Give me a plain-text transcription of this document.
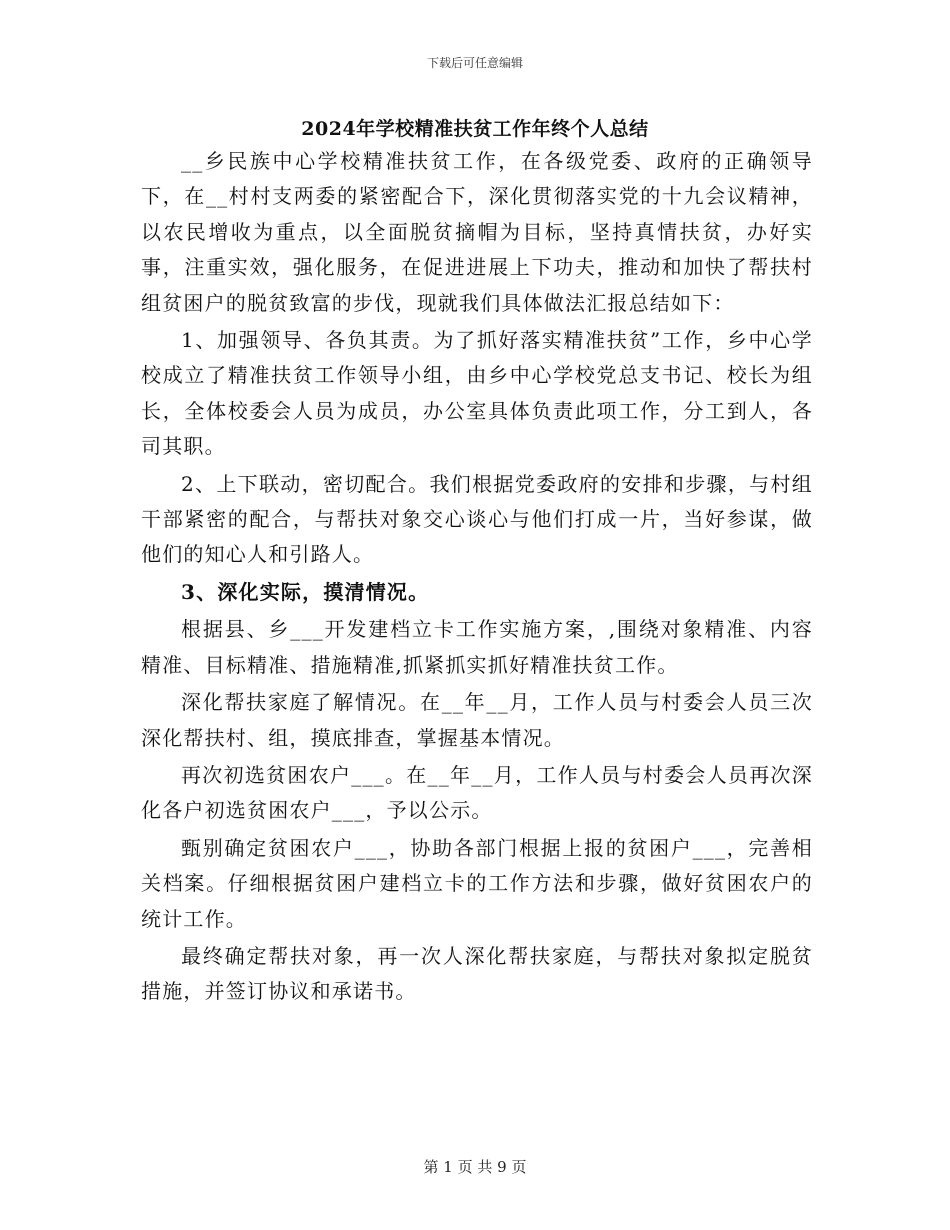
下载后可任意编辑
2024年学校精准扶贫工作年终个人总结

__乡民族中心学校精准扶贫工作，在各级党委、政府的正确领导下，在__村村支两委的紧密配合下，深化贯彻落实党的十九会议精神，以农民增收为重点，以全面脱贫摘帽为目标，坚持真情扶贫，办好实事，注重实效，强化服务，在促进进展上下功夫，推动和加快了帮扶村组贫困户的脱贫致富的步伐，现就我们具体做法汇报总结如下：

1、加强领导、各负其责。为了抓好落实精准扶贫”工作，乡中心学校成立了精准扶贫工作领导小组，由乡中心学校党总支书记、校长为组长，全体校委会人员为成员，办公室具体负责此项工作，分工到人，各司其职。

2、上下联动，密切配合。我们根据党委政府的安排和步骤，与村组干部紧密的配合，与帮扶对象交心谈心与他们打成一片，当好参谋，做他们的知心人和引路人。

3、深化实际，摸清情况。

根据县、乡___开发建档立卡工作实施方案，,围绕对象精准、内容精准、目标精准、措施精准,抓紧抓实抓好精准扶贫工作。

深化帮扶家庭了解情况。在__年__月，工作人员与村委会人员三次深化帮扶村、组，摸底排查，掌握基本情况。

再次初选贫困农户___。在__年__月，工作人员与村委会人员再次深化各户初选贫困农户___，予以公示。

甄别确定贫困农户___，协助各部门根据上报的贫困户___，完善相关档案。仔细根据贫困户建档立卡的工作方法和步骤，做好贫困农户的统计工作。

最终确定帮扶对象，再一次人深化帮扶家庭，与帮扶对象拟定脱贫措施，并签订协议和承诺书。

第 1 页 共 9 页
